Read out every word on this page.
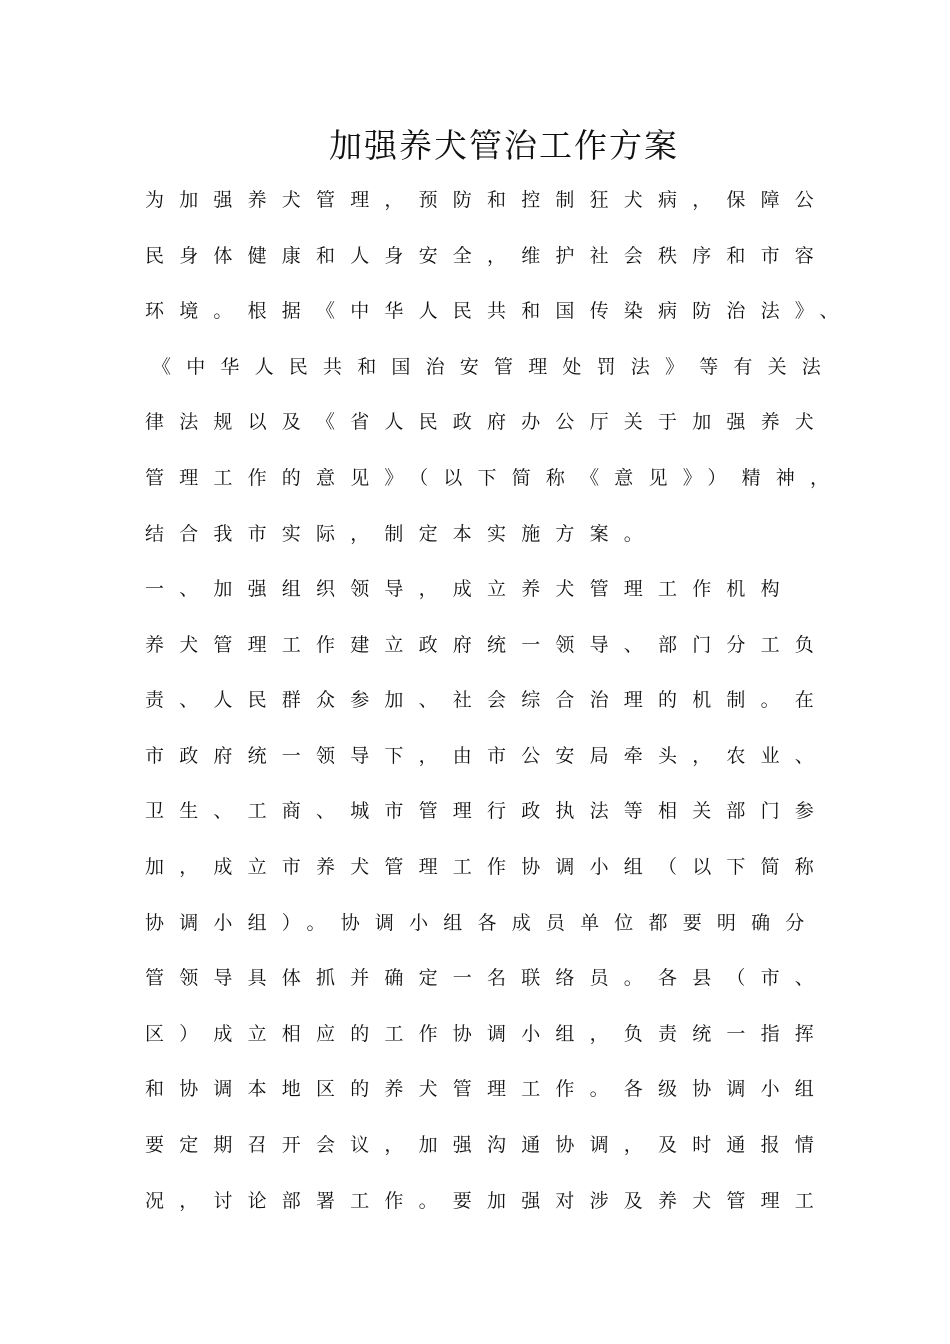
加强养犬管治工作方案
为加强养犬管理，预防和控制狂犬病，保障公
民身体健康和人身安全，维护社会秩序和市容
环境。根据《中华人民共和国传染病防治法》、
《中华人民共和国治安管理处罚法》等有关法
律法规以及《省人民政府办公厅关于加强养犬
管理工作的意见》（以下简称《意见》）精神，
结合我市实际，制定本实施方案。
一、加强组织领导，成立养犬管理工作机构
养犬管理工作建立政府统一领导、部门分工负
责、人民群众参加、社会综合治理的机制。在
市政府统一领导下，由市公安局牵头，农业、
卫生、工商、城市管理行政执法等相关部门参
加，成立市养犬管理工作协调小组（以下简称
协调小组）。协调小组各成员单位都要明确分
管领导具体抓并确定一名联络员。各县（市、
区）成立相应的工作协调小组，负责统一指挥
和协调本地区的养犬管理工作。各级协调小组
要定期召开会议，加强沟通协调，及时通报情
况，讨论部署工作。要加强对涉及养犬管理工
